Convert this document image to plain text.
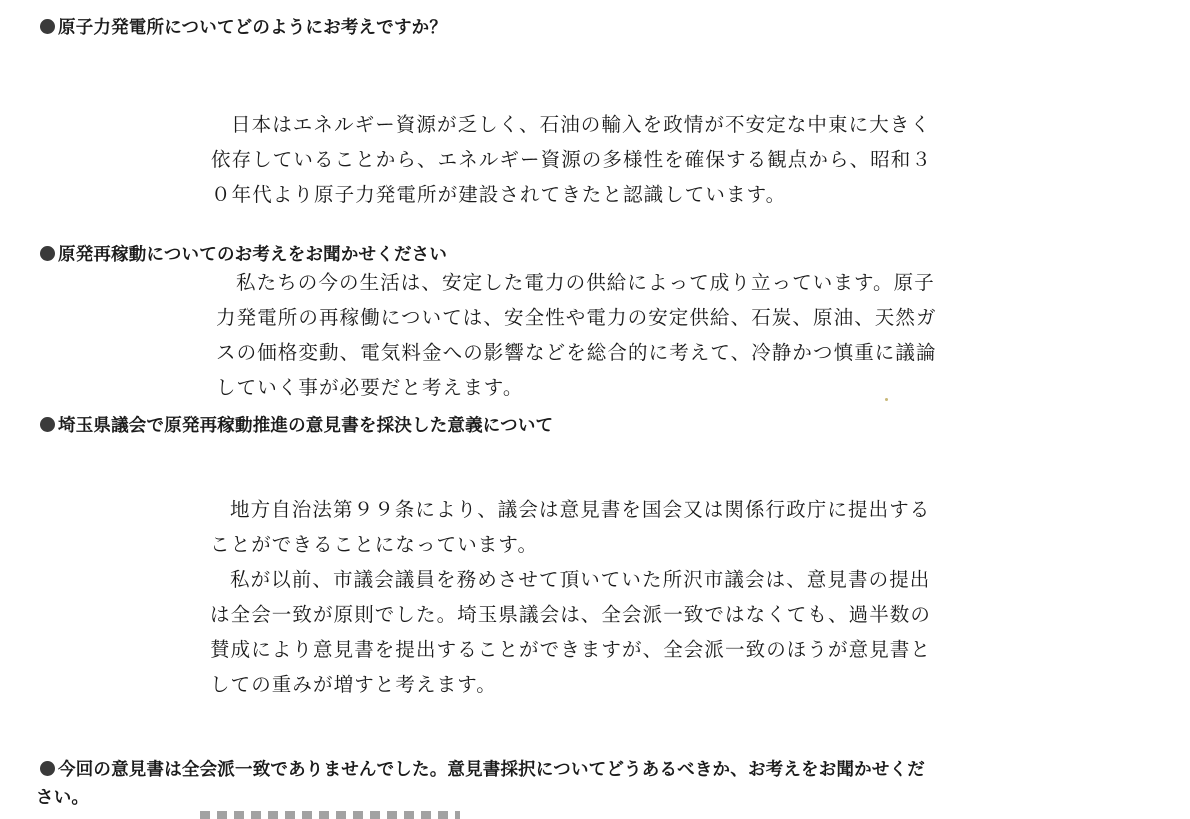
原子力発電所についてどのようにお考えですか？
日本はエネルギー資源が乏しく、石油の輸入を政情が不安定な中東に大きく
依存していることから、エネルギー資源の多様性を確保する観点から、昭和３
０年代より原子力発電所が建設されてきたと認識しています。
原発再稼動についてのお考えをお聞かせください
私たちの今の生活は、安定した電力の供給によって成り立っています。原子
力発電所の再稼働については、安全性や電力の安定供給、石炭、原油、天然ガ
スの価格変動、電気料金への影響などを総合的に考えて、冷静かつ慎重に議論
していく事が必要だと考えます。
埼玉県議会で原発再稼動推進の意見書を採決した意義について
地方自治法第９９条により、議会は意見書を国会又は関係行政庁に提出する
ことができることになっています。
私が以前、市議会議員を務めさせて頂いていた所沢市議会は、意見書の提出
は全会一致が原則でした。埼玉県議会は、全会派一致ではなくても、過半数の
賛成により意見書を提出することができますが、全会派一致のほうが意見書と
しての重みが増すと考えます。
今回の意見書は全会派一致でありませんでした。意見書採択についてどうあるべきか、お考えをお聞かせくだ
さい。
